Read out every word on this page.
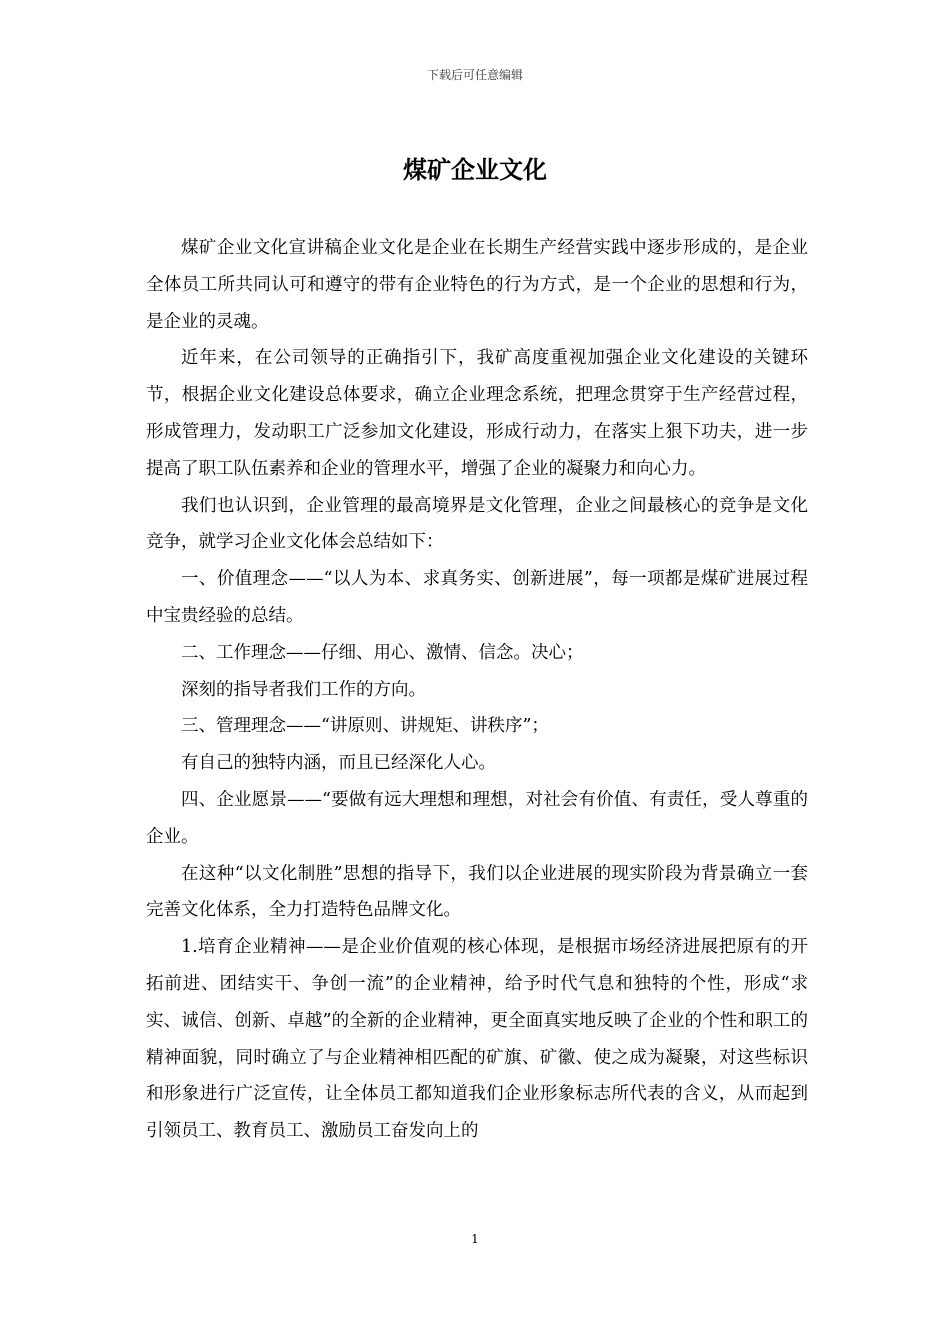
下载后可任意编辑
煤矿企业文化

煤矿企业文化宣讲稿企业文化是企业在长期生产经营实践中逐步形成的，是企业全体员工所共同认可和遵守的带有企业特色的行为方式，是一个企业的思想和行为，是企业的灵魂。

近年来，在公司领导的正确指引下，我矿高度重视加强企业文化建设的关键环节，根据企业文化建设总体要求，确立企业理念系统，把理念贯穿于生产经营过程，形成管理力，发动职工广泛参加文化建设，形成行动力，在落实上狠下功夫，进一步提高了职工队伍素养和企业的管理水平，增强了企业的凝聚力和向心力。

我们也认识到，企业管理的最高境界是文化管理，企业之间最核心的竞争是文化竞争，就学习企业文化体会总结如下：

一、价值理念——“以人为本、求真务实、创新进展”，每一项都是煤矿进展过程中宝贵经验的总结。

二、工作理念——仔细、用心、激情、信念。决心；

深刻的指导者我们工作的方向。

三、管理理念——“讲原则、讲规矩、讲秩序”；

有自己的独特内涵，而且已经深化人心。

四、企业愿景——“要做有远大理想和理想，对社会有价值、有责任，受人尊重的企业。

在这种“以文化制胜”思想的指导下，我们以企业进展的现实阶段为背景确立一套完善文化体系，全力打造特色品牌文化。

1.培育企业精神——是企业价值观的核心体现，是根据市场经济进展把原有的开拓前进、团结实干、争创一流”的企业精神，给予时代气息和独特的个性，形成“求实、诚信、创新、卓越”的全新的企业精神，更全面真实地反映了企业的个性和职工的精神面貌，同时确立了与企业精神相匹配的矿旗、矿徽、使之成为凝聚，对这些标识和形象进行广泛宣传，让全体员工都知道我们企业形象标志所代表的含义，从而起到引领员工、教育员工、激励员工奋发向上的

1
